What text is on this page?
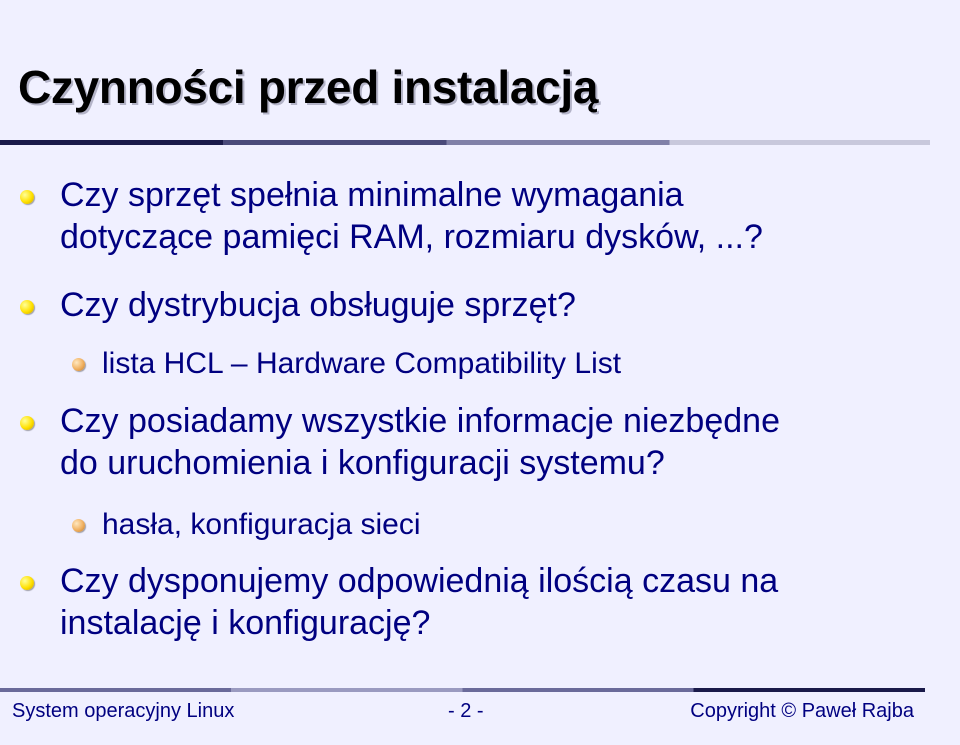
Czynności przed instalacją
Czy sprzęt spełnia minimalne wymagania
dotyczące pamięci RAM, rozmiaru dysków, ...?
Czy dystrybucja obsługuje sprzęt?
lista HCL – Hardware Compatibility List
Czy posiadamy wszystkie informacje niezbędne
do uruchomienia i konfiguracji systemu?
hasła, konfiguracja sieci
Czy dysponujemy odpowiednią ilością czasu na
instalację i konfigurację?
System operacyjny Linux	- 2 -	Copyright © Paweł Rajba
